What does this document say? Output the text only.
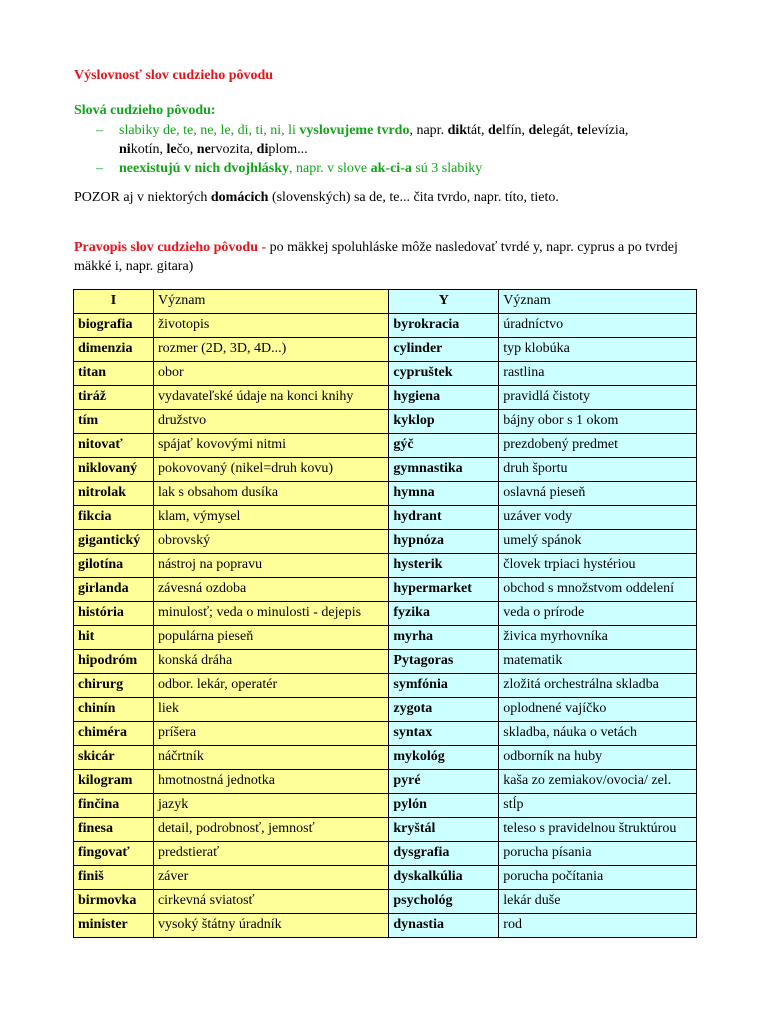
Výslovnosť slov cudzieho pôvodu
Slová cudzieho pôvodu:
– slabiky de, te, ne, le, di, ti, ni, li vyslovujeme tvrdo, napr. diktát, delfín, delegát, televízia,
nikotín, lečo, nervozita, diplom...
– neexistujú v nich dvojhlásky, napr. v slove ak-ci-a sú 3 slabiky
POZOR aj v niektorých domácich (slovenských) sa de, te... čita tvrdo, napr. títo, tieto.
Pravopis slov cudzieho pôvodu - po mäkkej spoluhláske môže nasledovať tvrdé y, napr. cyprus a po tvrdej mäkké i, napr. gitara)
I	Význam	Y	Význam
biografia	životopis	byrokracia	úradníctvo
dimenzia	rozmer (2D, 3D, 4D...)	cylinder	typ klobúka
titan	obor	cypruštek	rastlina
tiráž	vydavateľské údaje na konci knihy	hygiena	pravidlá čistoty
tím	družstvo	kyklop	bájny obor s 1 okom
nitovať	spájať kovovými nitmi	gýč	prezdobený predmet
niklovaný	pokovovaný (nikel=druh kovu)	gymnastika	druh športu
nitrolak	lak s obsahom dusíka	hymna	oslavná pieseň
fikcia	klam, výmysel	hydrant	uzáver vody
gigantický	obrovský	hypnóza	umelý spánok
gilotína	nástroj na popravu	hysterik	človek trpiaci hystériou
girlanda	závesná ozdoba	hypermarket	obchod s množstvom oddelení
história	minulosť; veda o minulosti - dejepis	fyzika	veda o prírode
hit	populárna pieseň	myrha	živica myrhovníka
hipodróm	konská dráha	Pytagoras	matematik
chirurg	odbor. lekár, operatér	symfónia	zložitá orchestrálna skladba
chinín	liek	zygota	oplodnené vajíčko
chiméra	príšera	syntax	skladba, náuka o vetách
skicár	náčrtník	mykológ	odborník na huby
kilogram	hmotnostná jednotka	pyré	kaša zo zemiakov/ovocia/ zel.
finčina	jazyk	pylón	stĺp
finesa	detail, podrobnosť, jemnosť	kryštál	teleso s pravidelnou štruktúrou
fingovať	predstierať	dysgrafia	porucha písania
finiš	záver	dyskalkúlia	porucha počítania
birmovka	cirkevná sviatosť	psychológ	lekár duše
minister	vysoký štátny úradník	dynastia	rod
